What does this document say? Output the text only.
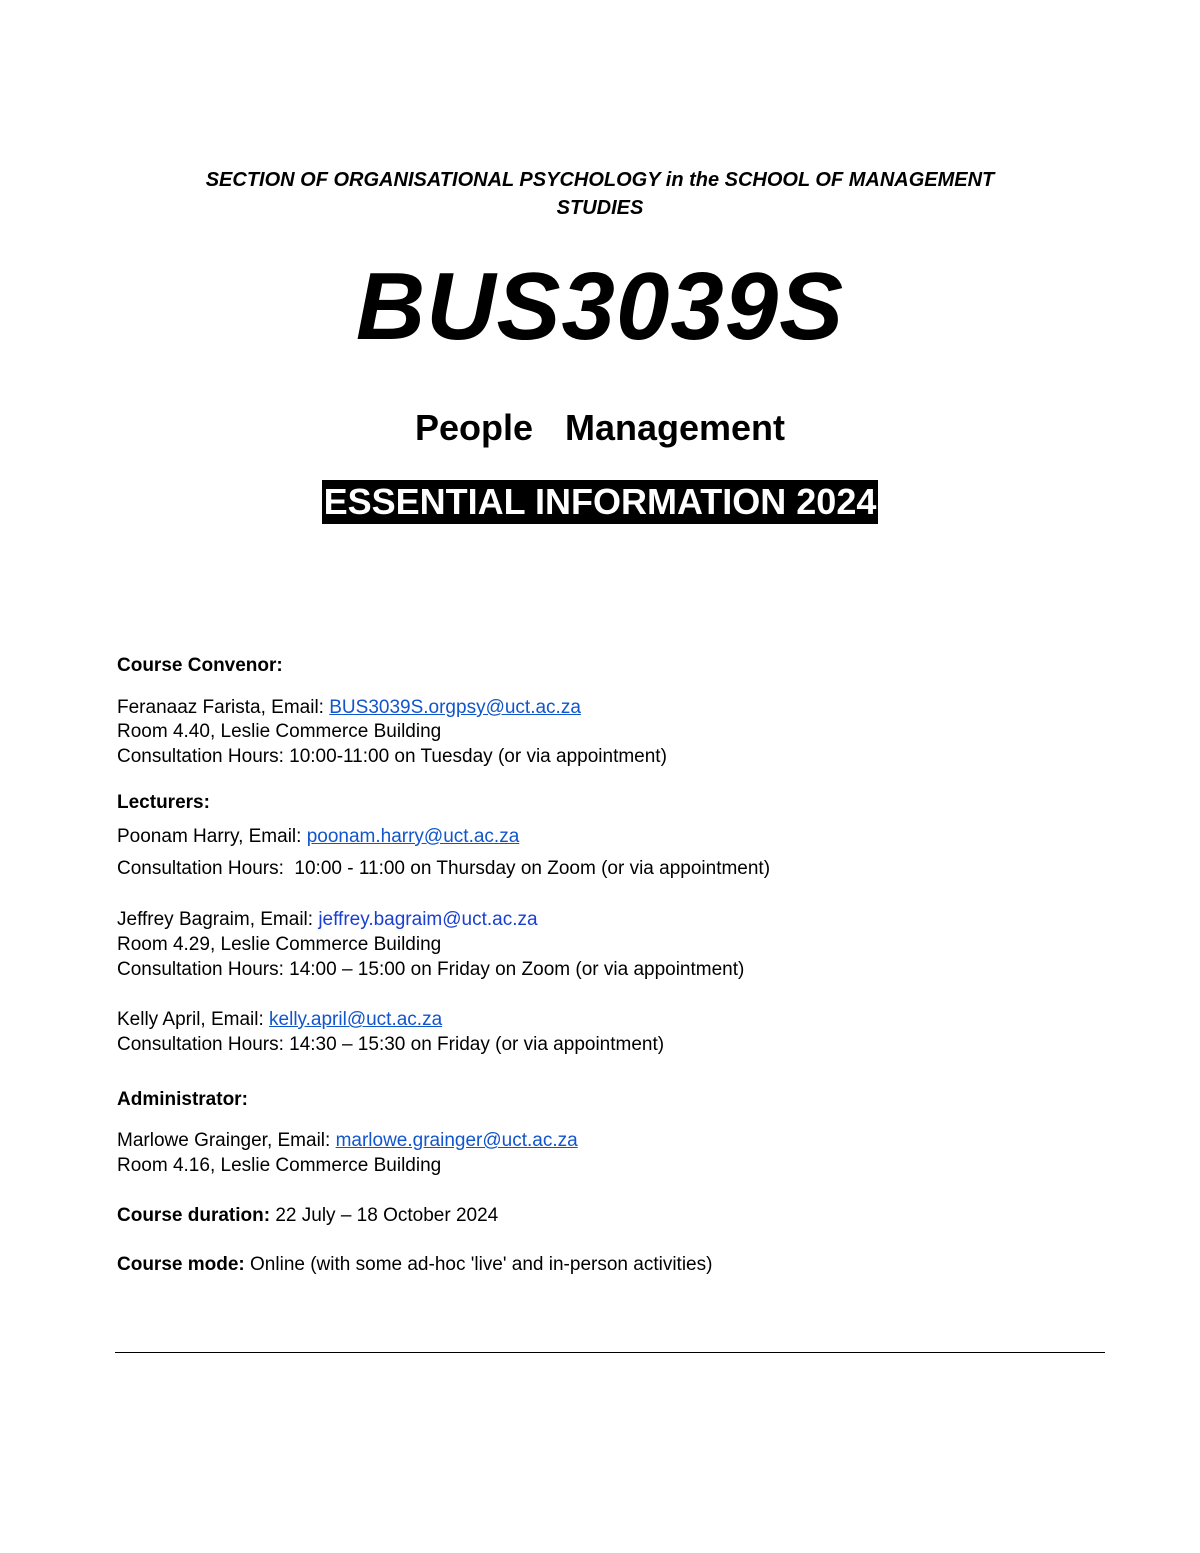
SECTION OF ORGANISATIONAL PSYCHOLOGY in the SCHOOL OF MANAGEMENT
STUDIES
BUS3039S
People  Management
ESSENTIAL INFORMATION 2024
Course Convenor:
Feranaaz Farista, Email: BUS3039S.orgpsy@uct.ac.za
Room 4.40, Leslie Commerce Building
Consultation Hours: 10:00-11:00 on Tuesday (or via appointment)
Lecturers:
Poonam Harry, Email: poonam.harry@uct.ac.za
Consultation Hours:  10:00 - 11:00 on Thursday on Zoom (or via appointment)
Jeffrey Bagraim, Email: jeffrey.bagraim@uct.ac.za
Room 4.29, Leslie Commerce Building
Consultation Hours: 14:00 – 15:00 on Friday on Zoom (or via appointment)
Kelly April, Email: kelly.april@uct.ac.za
Consultation Hours: 14:30 – 15:30 on Friday (or via appointment)
Administrator:
Marlowe Grainger, Email: marlowe.grainger@uct.ac.za
Room 4.16, Leslie Commerce Building
Course duration: 22 July – 18 October 2024
Course mode: Online (with some ad-hoc 'live' and in-person activities)
